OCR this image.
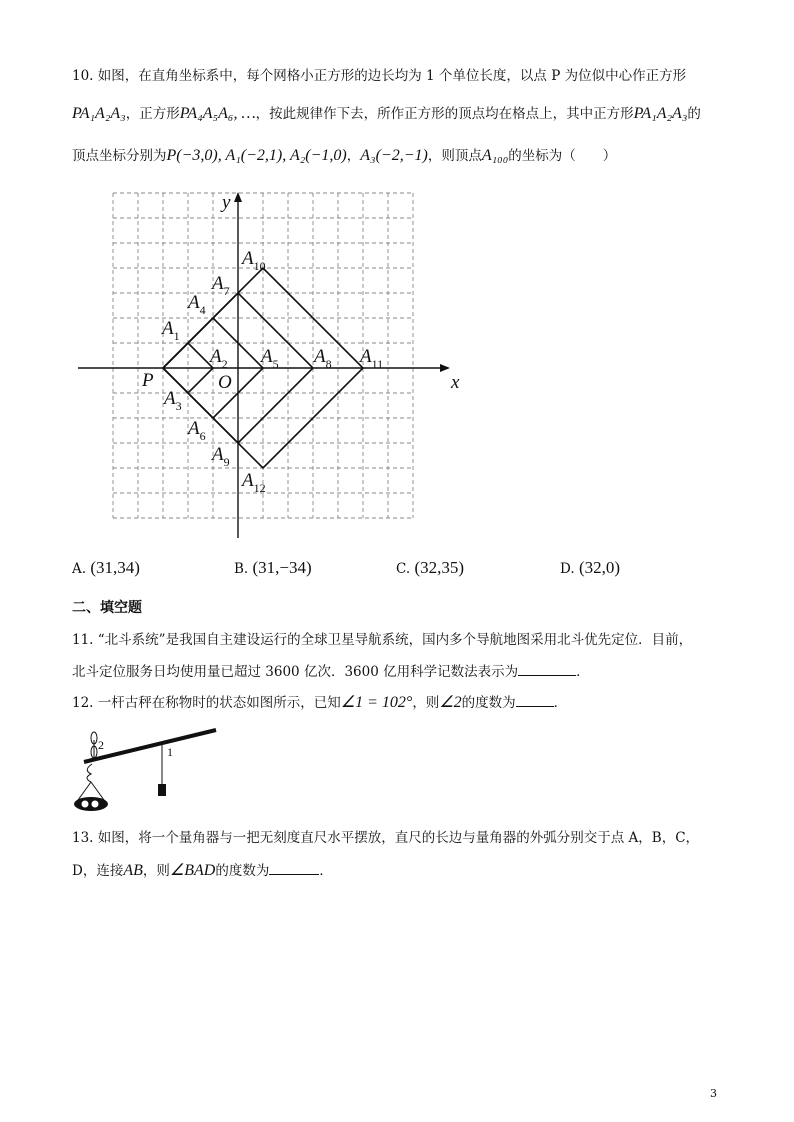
10. 如图，在直角坐标系中，每个网格小正方形的边长均为 1 个单位长度，以点 P 为位似中心作正方形
PA₁A₂A₃，正方形PA₄A₅A₆, …，按此规律作下去，所作正方形的顶点均在格点上，其中正方形PA₁A₂A₃的
顶点坐标分别为P(−3,0), A₁(−2,1), A₂(−1,0)，A₃(−2,−1)，则顶点A₁₀₀的坐标为（　　）
x
y
O
P
$A_1$
$A_2$
$A_3$
$A_4$
$A_5$
$A_6$
$A_7$
$A_8$
$A_9$
$A_{10}$
$A_{11}$
$A_{12}$
A. (31,34)	B. (31,−34)	C. (32,35)	D. (32,0)
二、填空题
11. “北斗系统”是我国自主建设运行的全球卫星导航系统，国内多个导航地图采用北斗优先定位．目前，
北斗定位服务日均使用量已超过 3600 亿次．3600 亿用科学记数法表示为	．
12. 一杆古秤在称物时的状态如图所示，已知∠1 = 102°，则∠2的度数为	．
1
2
13. 如图，将一个量角器与一把无刻度直尺水平摆放，直尺的长边与量角器的外弧分别交于点 A，B，C，
D，连接AB，则∠BAD的度数为	．
3
